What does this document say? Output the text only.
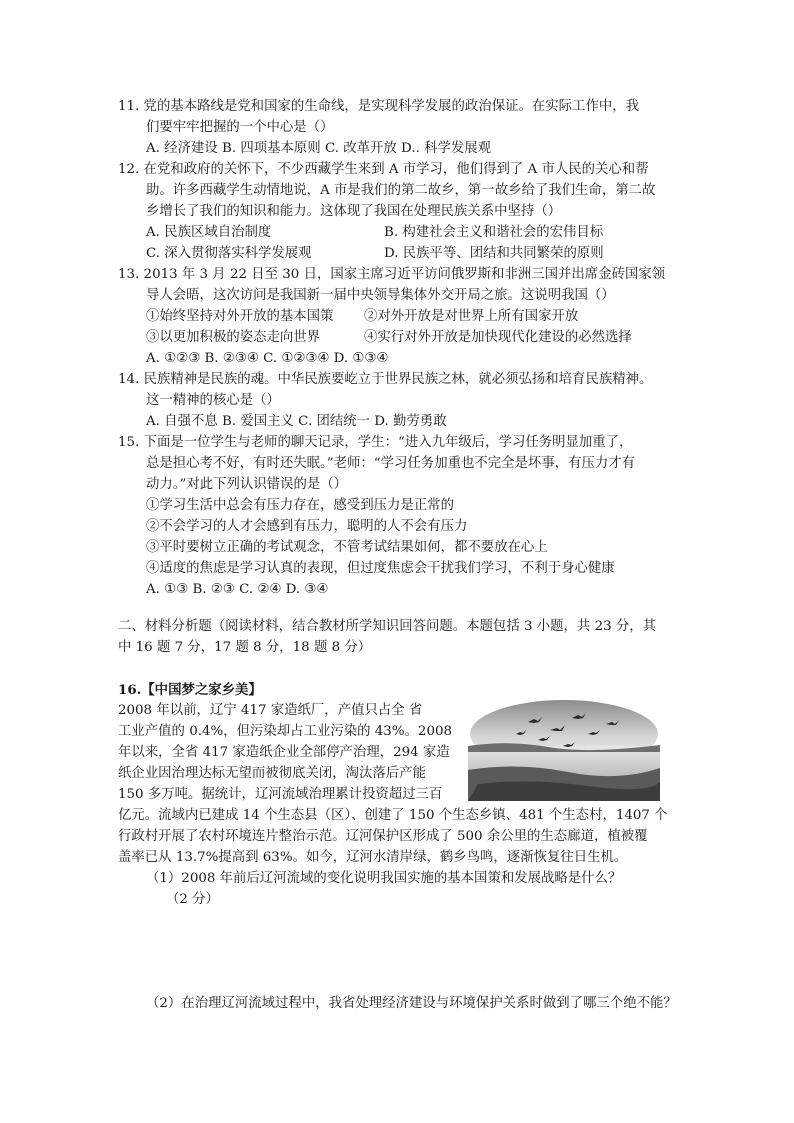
11. 党的基本路线是党和国家的生命线，是实现科学发展的政治保证。在实际工作中，我
们要牢牢把握的一个中心是（）
A. 经济建设 B. 四项基本原则 C. 改革开放 D.. 科学发展观
12. 在党和政府的关怀下，不少西藏学生来到 A 市学习，他们得到了 A 市人民的关心和帮
助。许多西藏学生动情地说，A 市是我们的第二故乡，第一故乡给了我们生命，第二故
乡增长了我们的知识和能力。这体现了我国在处理民族关系中坚持（）
A. 民族区域自治制度	B. 构建社会主义和谐社会的宏伟目标
C. 深入贯彻落实科学发展观	D. 民族平等、团结和共同繁荣的原则
13. 2013 年 3 月 22 日至 30 日，国家主席习近平访问俄罗斯和非洲三国并出席金砖国家领
导人会晤，这次访问是我国新一届中央领导集体外交开局之旅。这说明我国（）
①始终坚持对外开放的基本国策 ②对外开放是对世界上所有国家开放
③以更加积极的姿态走向世界	④实行对外开放是加快现代化建设的必然选择
A. ①②③ B. ②③④ C. ①②③④ D. ①③④
14. 民族精神是民族的魂。中华民族要屹立于世界民族之林，就必须弘扬和培育民族精神。
这一精神的核心是（）
A. 自强不息 B. 爱国主义 C. 团结统一 D. 勤劳勇敢
15. 下面是一位学生与老师的聊天记录，学生：“进入九年级后，学习任务明显加重了，
总是担心考不好，有时还失眠。”老师：“学习任务加重也不完全是坏事，有压力才有
动力。”对此下列认识错误的是（）
①学习生活中总会有压力存在，感受到压力是正常的
②不会学习的人才会感到有压力，聪明的人不会有压力
③平时要树立正确的考试观念，不管考试结果如何，都不要放在心上
④适度的焦虑是学习认真的表现，但过度焦虑会干扰我们学习，不利于身心健康
A. ①③ B. ②③ C. ②④ D. ③④
二、材料分析题（阅读材料，结合教材所学知识回答问题。本题包括 3 小题，共 23 分，其
中 16 题 7 分，17 题 8 分，18 题 8 分）
16.【中国梦之家乡美】
2008 年以前，辽宁 417 家造纸厂，产值只占全 省
工业产值的 0.4%，但污染却占工业污染的 43%。2008
年以来，全省 417 家造纸企业全部停产治理，294 家造
纸企业因治理达标无望而被彻底关闭，淘汰落后产能
150 多万吨。据统计，辽河流域治理累计投资超过三百
亿元。流域内已建成 14 个生态县（区）、创建了 150 个生态乡镇、481 个生态村，1407 个
行政村开展了农村环境连片整治示范。辽河保护区形成了 500 余公里的生态廊道，植被覆
盖率已从 13.7%提高到 63%。如今，辽河水清岸绿，鹤乡鸟鸣，逐渐恢复往日生机。
（1）2008 年前后辽河流域的变化说明我国实施的基本国策和发展战略是什么？
（2 分）
（2）在治理辽河流域过程中，我省处理经济建设与环境保护关系时做到了哪三个绝不能？
